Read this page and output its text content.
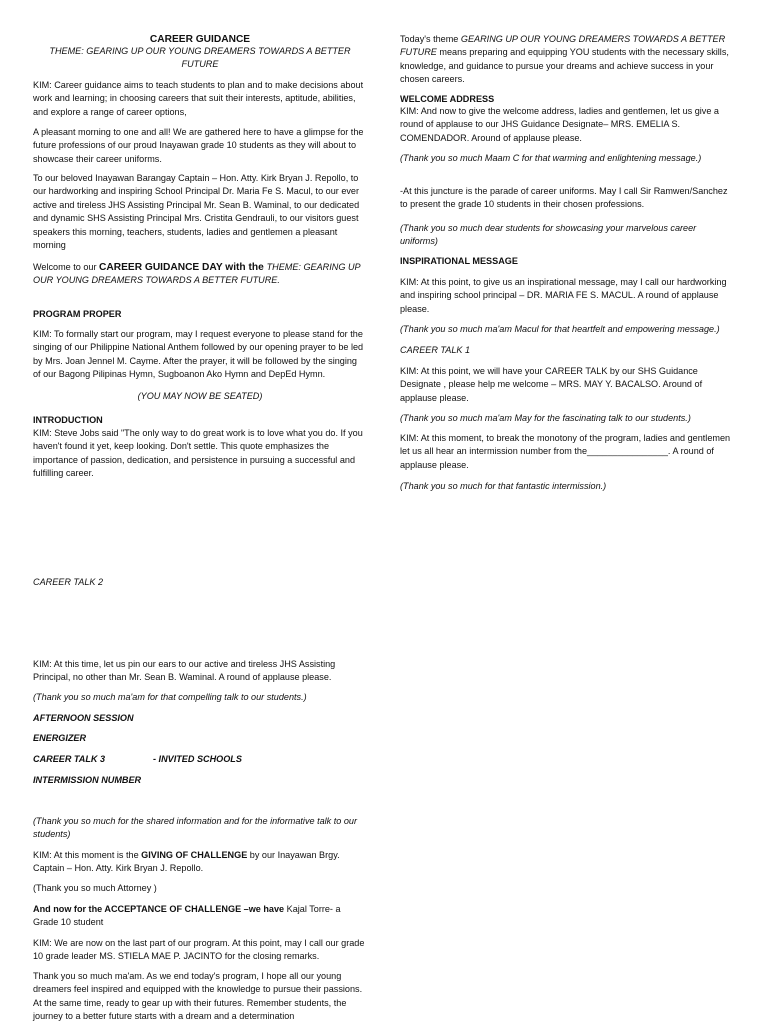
CAREER GUIDANCE

THEME: GEARING UP OUR YOUNG DREAMERS TOWARDS A BETTER FUTURE

KIM: Career guidance aims to teach students to plan and to make decisions about work and learning; in choosing careers that suit their interests, aptitude, abilities, and explore a range of career options,

A pleasant morning to one and all! We are gathered here to have a glimpse for the future professions of our proud Inayawan grade 10 students as they will about to showcase their career uniforms.

To our beloved Inayawan Barangay Captain – Hon. Atty. Kirk Bryan J. Repollo, to our hardworking and inspiring School Principal Dr. Maria Fe S. Macul, to our ever active and tireless JHS Assisting Principal Mr. Sean B. Waminal, to our dedicated and dynamic SHS Assisting Principal Mrs. Cristita Gendrauli, to our visitors guest speakers this morning, teachers, students, ladies and gentlemen a pleasant morning

Welcome to our CAREER GUIDANCE DAY with the THEME: GEARING UP OUR YOUNG DREAMERS TOWARDS A BETTER FUTURE.

PROGRAM PROPER

KIM: To formally start our program, may I request everyone to please stand for the singing of our Philippine National Anthem followed by our opening prayer to be led by Mrs. Joan Jennel M. Cayme. After the prayer, it will be followed by the singing of our Bagong Pilipinas Hymn, Sugboanon Ako Hymn and DepEd Hymn.

(YOU MAY NOW BE SEATED)

INTRODUCTION

KIM: Steve Jobs said "The only way to do great work is to love what you do. If you haven't found it yet, keep looking. Don't settle. This quote emphasizes the importance of passion, dedication, and persistence in pursuing a successful and fulfilling career.

CAREER TALK 2

KIM: At this time, let us pin our ears to our active and tireless JHS Assisting Principal, no other than Mr. Sean B. Waminal. A round of applause please.

(Thank you so much ma'am for that compelling talk to our students.)

AFTERNOON SESSION

ENERGIZER

CAREER TALK 3	- INVITED SCHOOLS

INTERMISSION NUMBER

(Thank you so much for the shared information and for the informative talk to our students)

KIM: At this moment is the GIVING OF CHALLENGE by our Inayawan Brgy. Captain – Hon. Atty. Kirk Bryan J. Repollo.

(Thank you so much Attorney )

And now for the ACCEPTANCE OF CHALLENGE –we have Kajal Torre- a Grade 10 student

KIM: We are now on the last part of our program. At this point, may I call our grade 10 grade leader MS. STIELA MAE P. JACINTO for the closing remarks.

Thank you so much ma'am. As we end today's program, I hope all our young dreamers feel inspired and equipped with the knowledge to pursue their passions. At the same time, ready to gear up with their futures. Remember students, the journey to a better future starts with a dream and a determination

Today's theme GEARING UP OUR YOUNG DREAMERS TOWARDS A BETTER FUTURE means preparing and equipping YOU students with the necessary skills, knowledge, and guidance to pursue your dreams and achieve success in your chosen careers.

WELCOME ADDRESS

KIM: And now to give the welcome address, ladies and gentlemen, let us give a round of applause to our JHS Guidance Designate– MRS. EMELIA S. COMENDADOR. Around of applause please.

(Thank you so much Maam C for that warming and enlightening message.)

-At this juncture is the parade of career uniforms. May I call Sir Ramwen/Sanchez to present the grade 10 students in their chosen professions.

(Thank you so much dear students for showcasing your marvelous career uniforms)

INSPIRATIONAL MESSAGE

KIM: At this point, to give us an inspirational message, may I call our hardworking and inspiring school principal – DR. MARIA FE S. MACUL. A round of applause please.

(Thank you so much ma'am Macul for that heartfelt and empowering message.)

CAREER TALK 1

KIM: At this point, we will have your CAREER TALK by our SHS Guidance Designate , please help me welcome – MRS. MAY Y. BACALSO. Around of applause please.

(Thank you so much ma'am May for the fascinating talk to our students.)

KIM: At this moment, to break the monotony of the program, ladies and gentlemen let us all hear an intermission number from the________________. A round of applause please.

(Thank you so much for that fantastic intermission.)
